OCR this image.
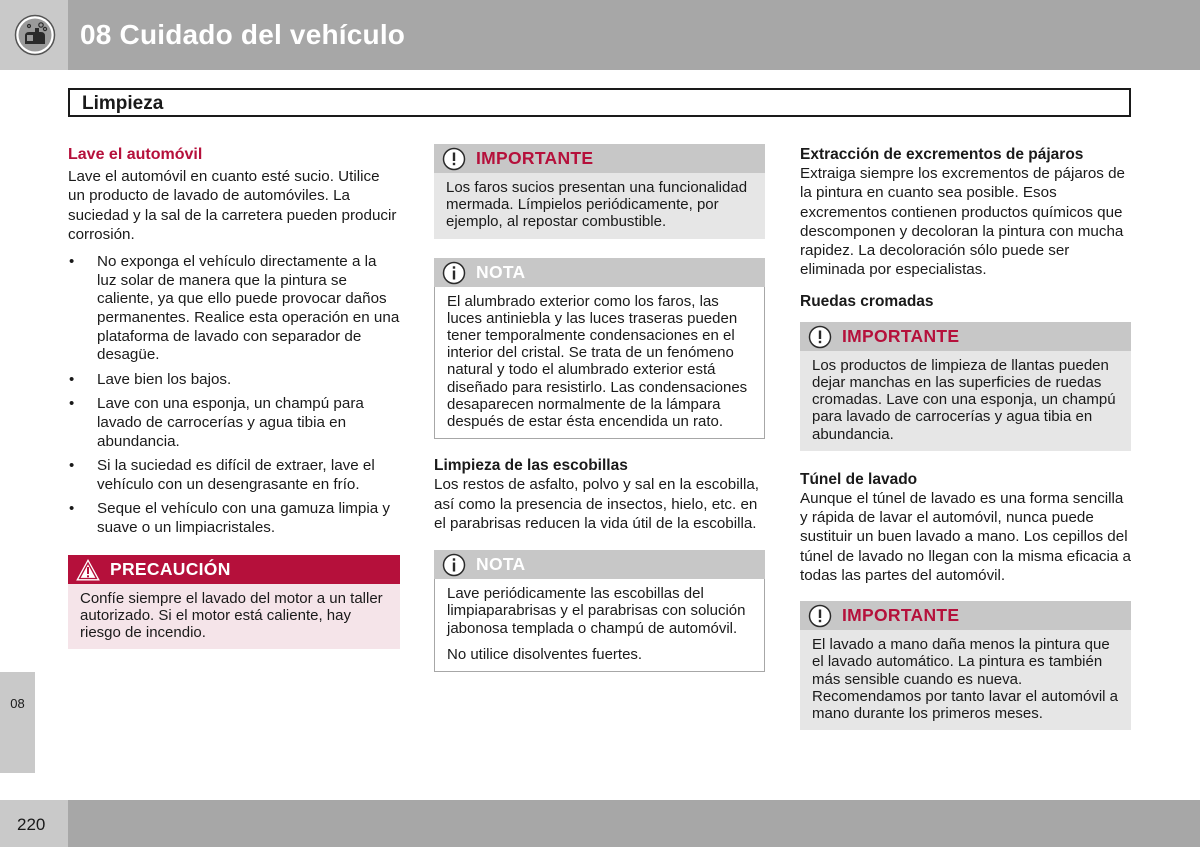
08 Cuidado del vehículo
Limpieza
Lave el automóvil
Lave el automóvil en cuanto esté sucio. Utilice un producto de lavado de automóviles. La suciedad y la sal de la carretera pueden producir corrosión.
• No exponga el vehículo directamente a la luz solar de manera que la pintura se caliente, ya que ello puede provocar daños permanentes. Realice esta operación en una plataforma de lavado con separador de desagüe.
• Lave bien los bajos.
• Lave con una esponja, un champú para lavado de carrocerías y agua tibia en abundancia.
• Si la suciedad es difícil de extraer, lave el vehículo con un desengrasante en frío.
• Seque el vehículo con una gamuza limpia y suave o un limpiacristales.
PRECAUCIÓN

Confíe siempre el lavado del motor a un taller autorizado. Si el motor está caliente, hay riesgo de incendio.

IMPORTANTE

Los faros sucios presentan una funcionalidad mermada. Límpielos periódicamente, por ejemplo, al repostar combustible.

NOTA

El alumbrado exterior como los faros, las luces antiniebla y las luces traseras pueden tener temporalmente condensaciones en el interior del cristal. Se trata de un fenómeno natural y todo el alumbrado exterior está diseñado para resistirlo. Las condensaciones desaparecen normalmente de la lámpara después de estar ésta encendida un rato.

Limpieza de las escobillas
Los restos de asfalto, polvo y sal en la escobilla, así como la presencia de insectos, hielo, etc. en el parabrisas reducen la vida útil de la escobilla.
NOTA

Lave periódicamente las escobillas del limpiaparabrisas y el parabrisas con solución jabonosa templada o champú de automóvil.

No utilice disolventes fuertes.

Extracción de excrementos de pájaros
Extraiga siempre los excrementos de pájaros de la pintura en cuanto sea posible. Esos excrementos contienen productos químicos que descomponen y decoloran la pintura con mucha rapidez. La decoloración sólo puede ser eliminada por especialistas.
Ruedas cromadas
IMPORTANTE

Los productos de limpieza de llantas pueden dejar manchas en las superficies de ruedas cromadas. Lave con una esponja, un champú para lavado de carrocerías y agua tibia en abundancia.

Túnel de lavado
Aunque el túnel de lavado es una forma sencilla y rápida de lavar el automóvil, nunca puede sustituir un buen lavado a mano. Los cepillos del túnel de lavado no llegan con la misma eficacia a todas las partes del automóvil.
IMPORTANTE

El lavado a mano daña menos la pintura que el lavado automático. La pintura es también más sensible cuando es nueva. Recomendamos por tanto lavar el automóvil a mano durante los primeros meses.

08
220
